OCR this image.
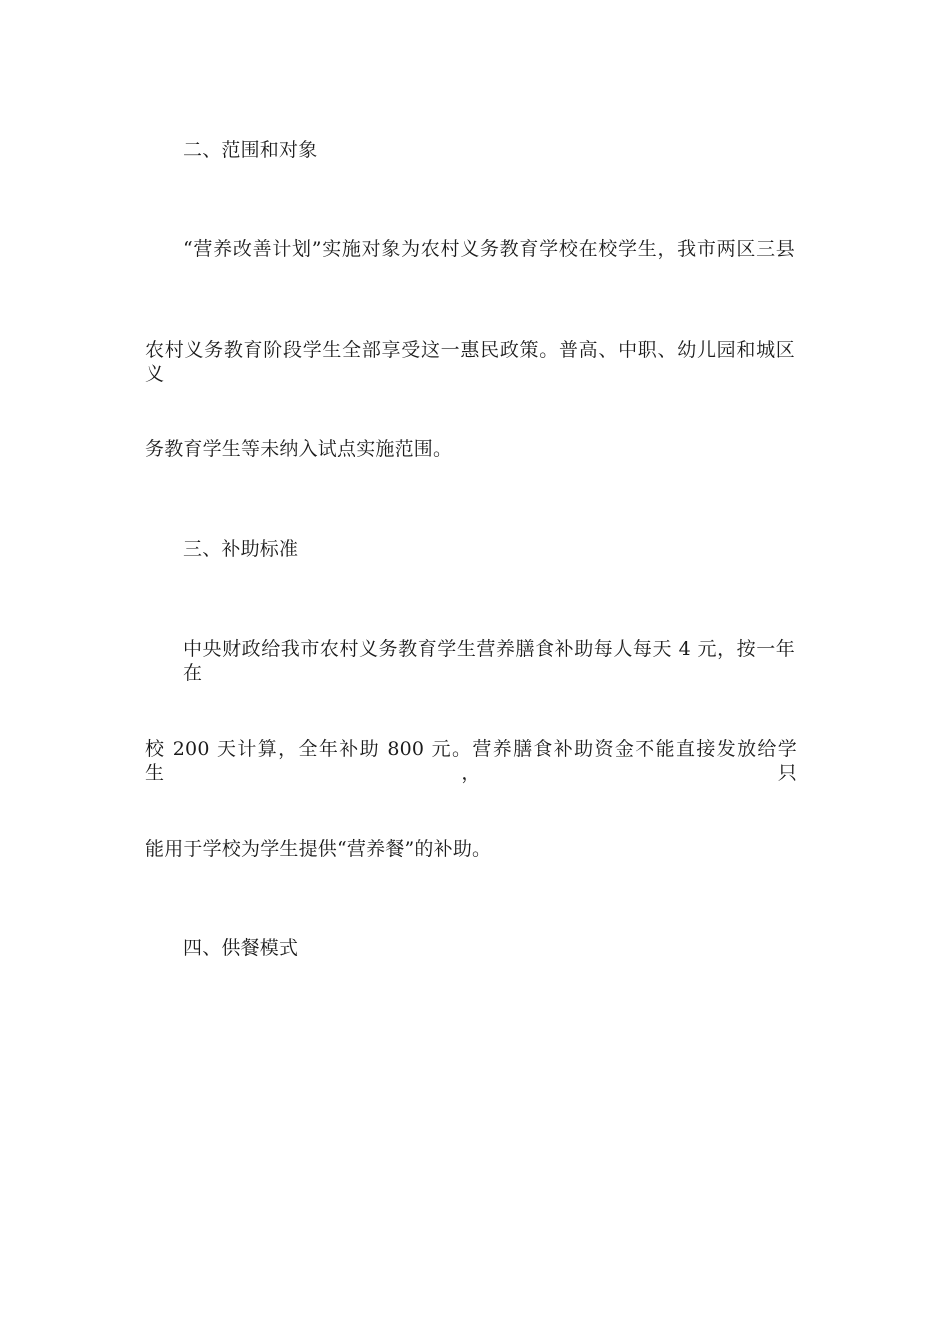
二、范围和对象
“营养改善计划”实施对象为农村义务教育学校在校学生，我市两区三县
农村义务教育阶段学生全部享受这一惠民政策。普高、中职、幼儿园和城区义
务教育学生等未纳入试点实施范围。
三、补助标准
中央财政给我市农村义务教育学生营养膳食补助每人每天 4 元，按一年在
校 200 天计算，全年补助 800 元。营养膳食补助资金不能直接发放给学生，只
能用于学校为学生提供“营养餐”的补助。
四、供餐模式
